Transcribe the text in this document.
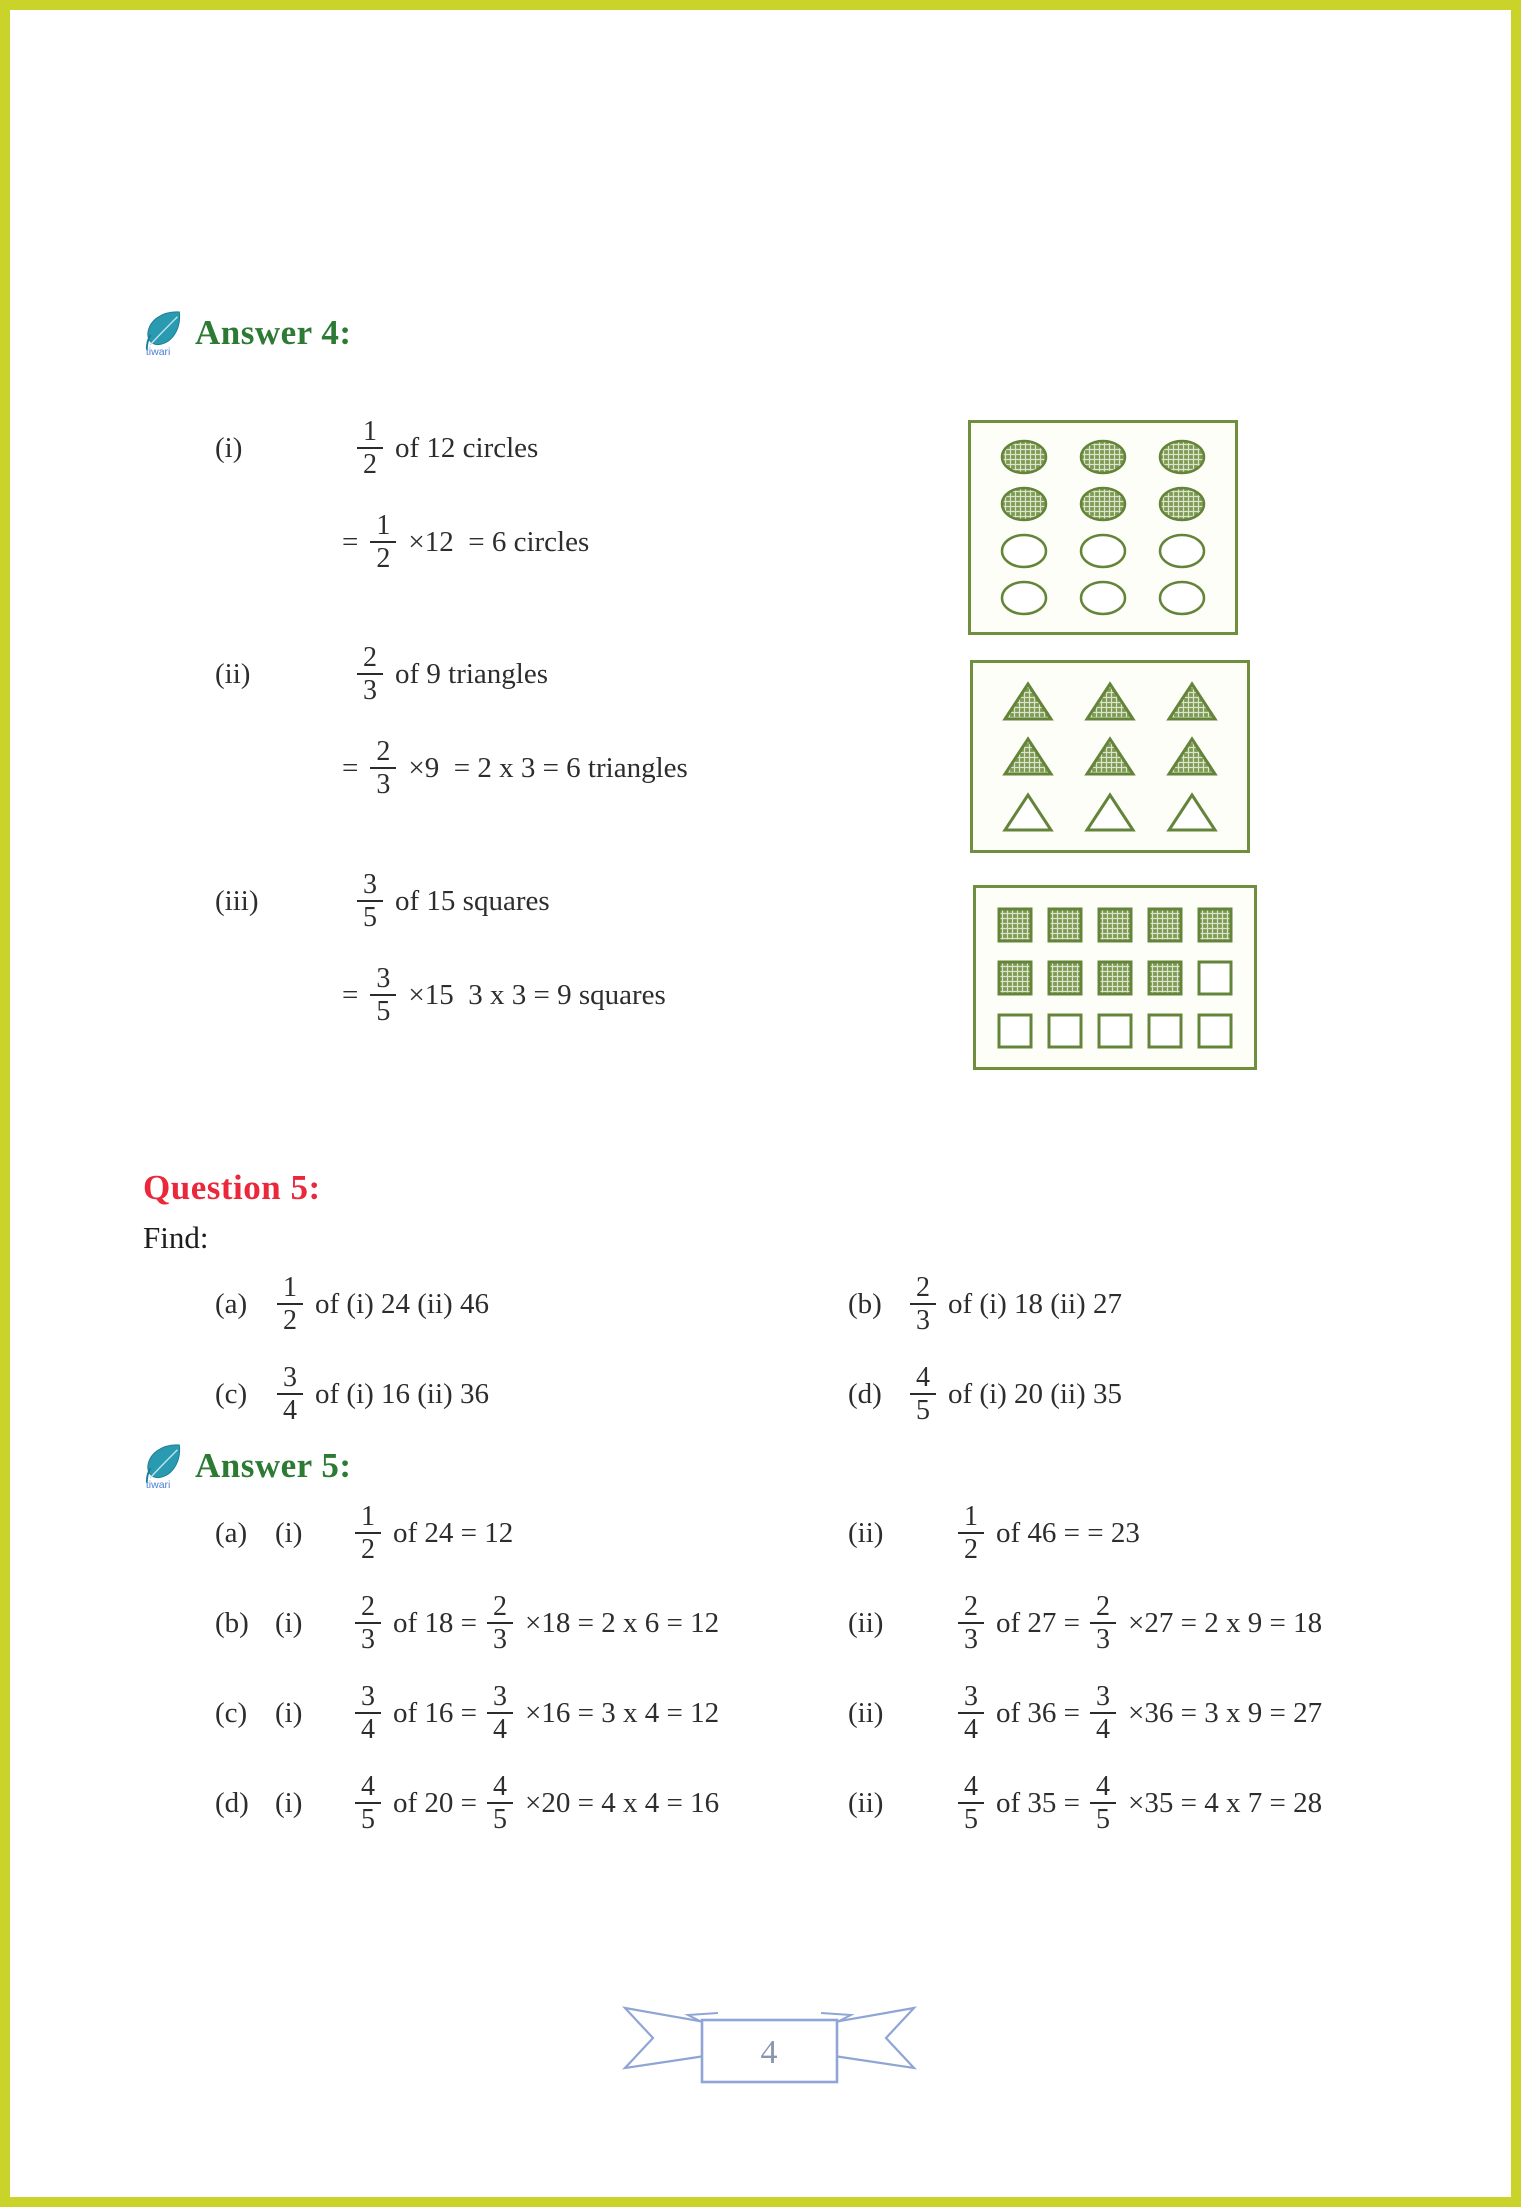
tiwari Answer 4:
(i)	$\frac{1}{2}$ of 12 circles
= $\frac{1}{2} \times 12 = 6$ circles
(ii)	$\frac{2}{3}$ of 9 triangles
= $\frac{2}{3} \times 9 = 2$ x 3 = 6 triangles
(iii)	$\frac{3}{5}$ of 15 squares
= $\frac{3}{5} \times 15$  3 x 3 = 9 squares
Question 5:
Find:
(a)	$\frac{1}{2}$ of (i) 24 (ii) 46	(b)	$\frac{2}{3}$ of (i) 18 (ii) 27
(c)	$\frac{3}{4}$ of (i) 16 (ii) 36	(d)	$\frac{4}{5}$ of (i) 20 (ii) 35
tiwari Answer 5:
(a) (i)	$\frac{1}{2}$ of 24 = 12	(ii)	$\frac{1}{2}$ of 46 = = 23
(b) (i)	$\frac{2}{3}$ of $18 = \frac{2}{3} \times 18 = 2$ x 6 = 12	(ii)	$\frac{2}{3}$ of $27 = \frac{2}{3} \times 27 = 2$ x 9 = 18
(c) (i)	$\frac{3}{4}$ of $16 = \frac{3}{4} \times 16 = 3$ x 4 = 12	(ii)	$\frac{3}{4}$ of $36 = \frac{3}{4} \times 36 = 3$ x 9 = 27
(d) (i)	$\frac{4}{5}$ of $20 = \frac{4}{5} \times 20 = 4$ x 4 = 16	(ii)	$\frac{4}{5}$ of $35 = \frac{4}{5} \times 35 = 4$ x 7 = 28
4
